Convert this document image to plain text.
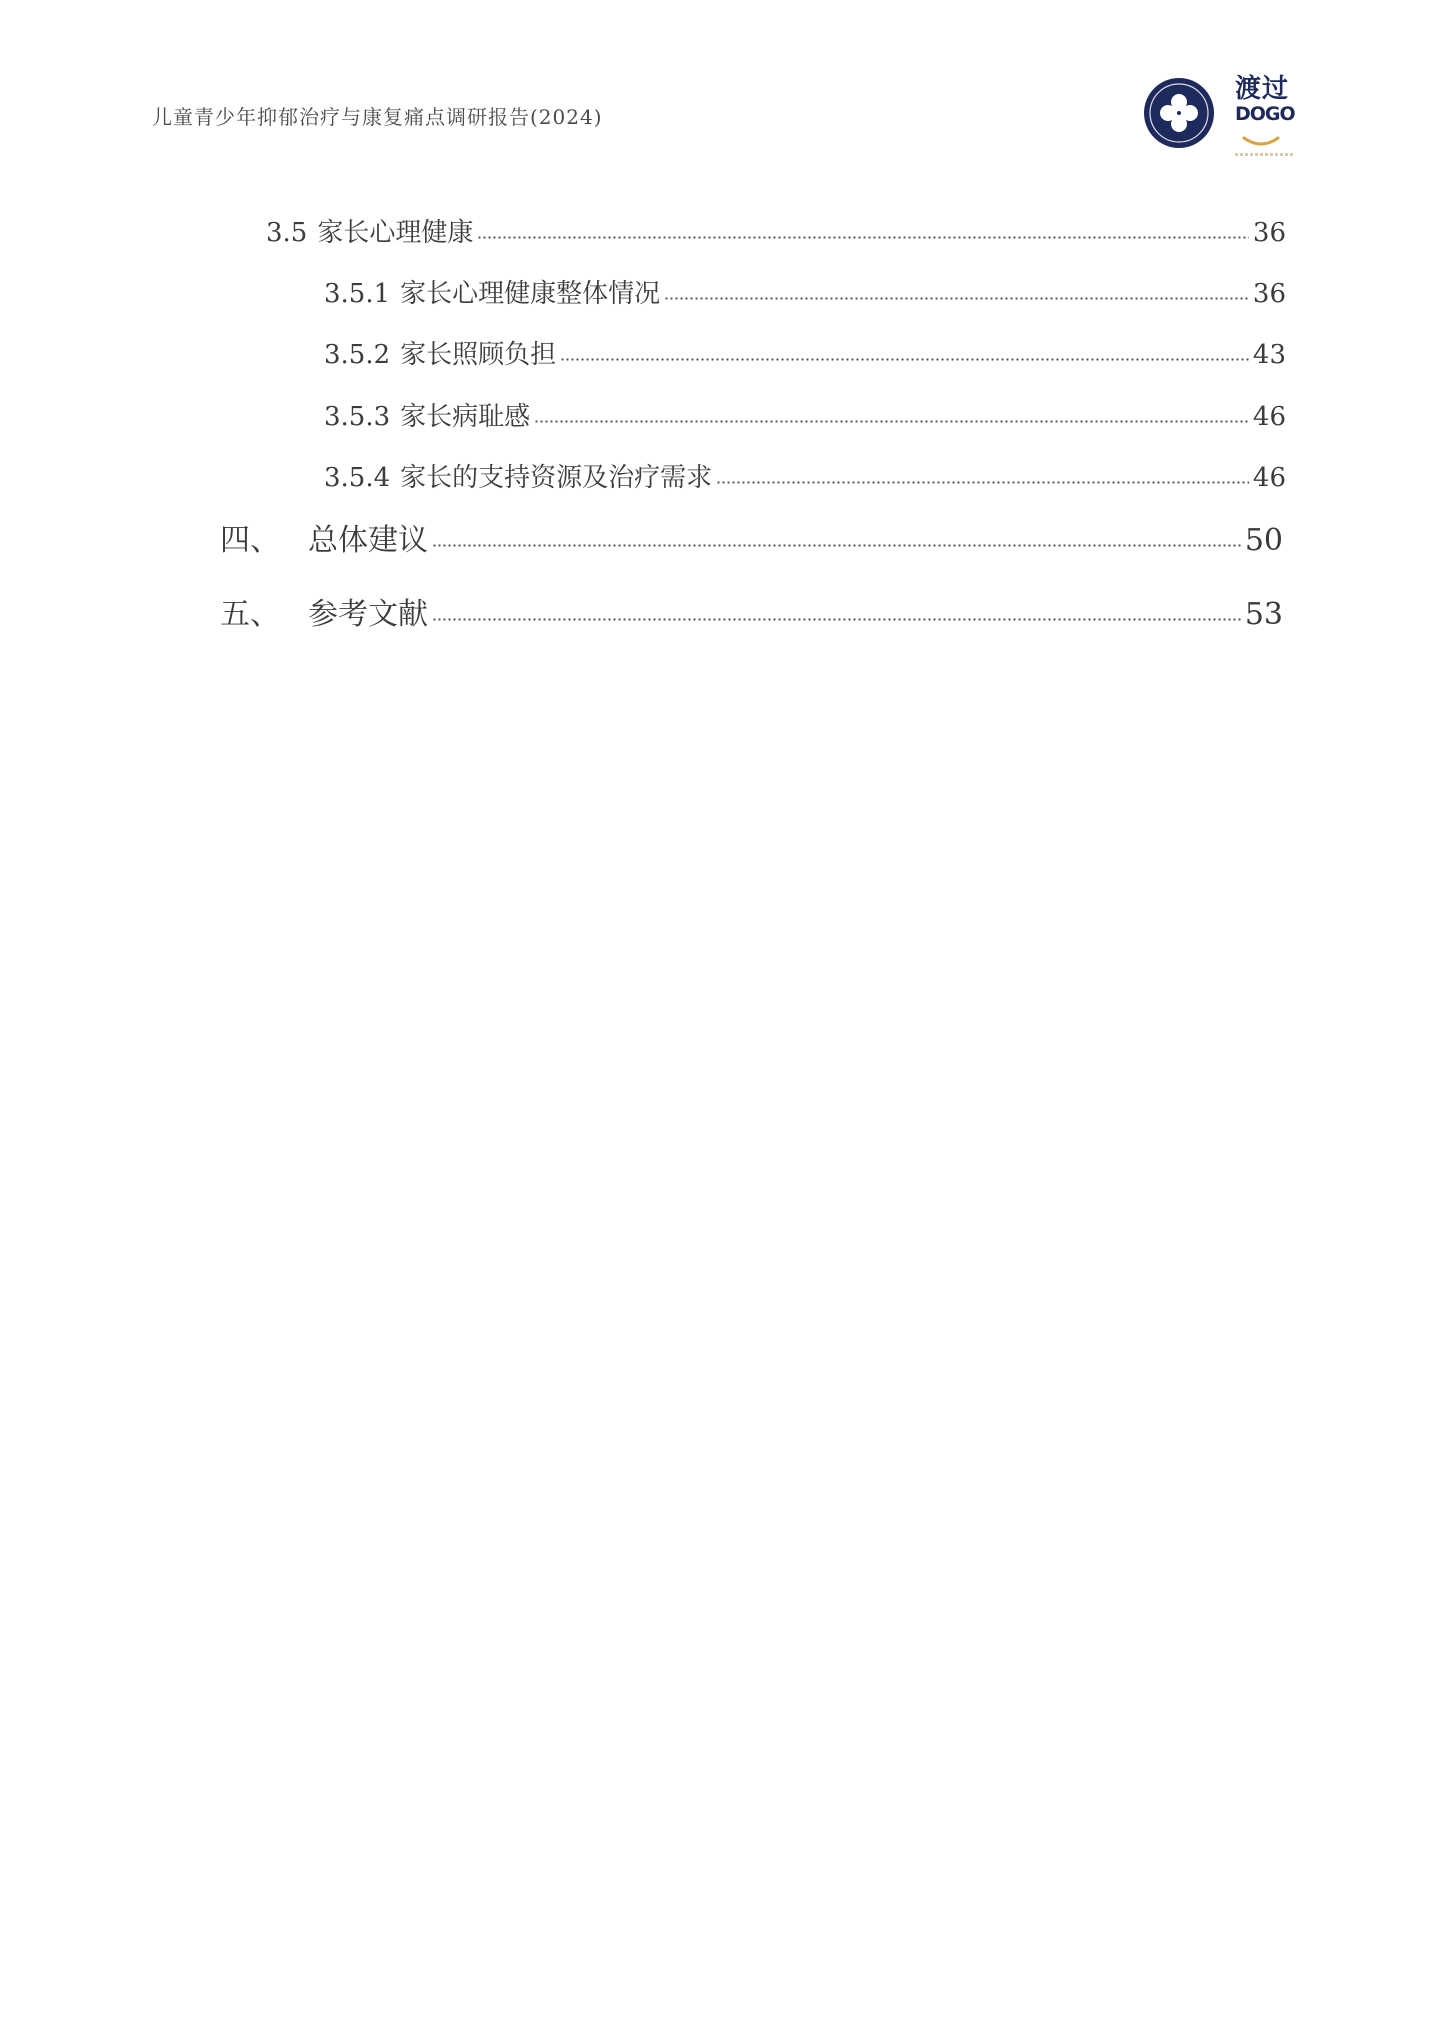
儿童青少年抑郁治疗与康复痛点调研报告(2024)
渡过
DOGO
3.5 家长心理健康	36
3.5.1 家长心理健康整体情况	36
3.5.2 家长照顾负担	43
3.5.3 家长病耻感	46
3.5.4 家长的支持资源及治疗需求	46
四、 总体建议	50
五、 参考文献	53
